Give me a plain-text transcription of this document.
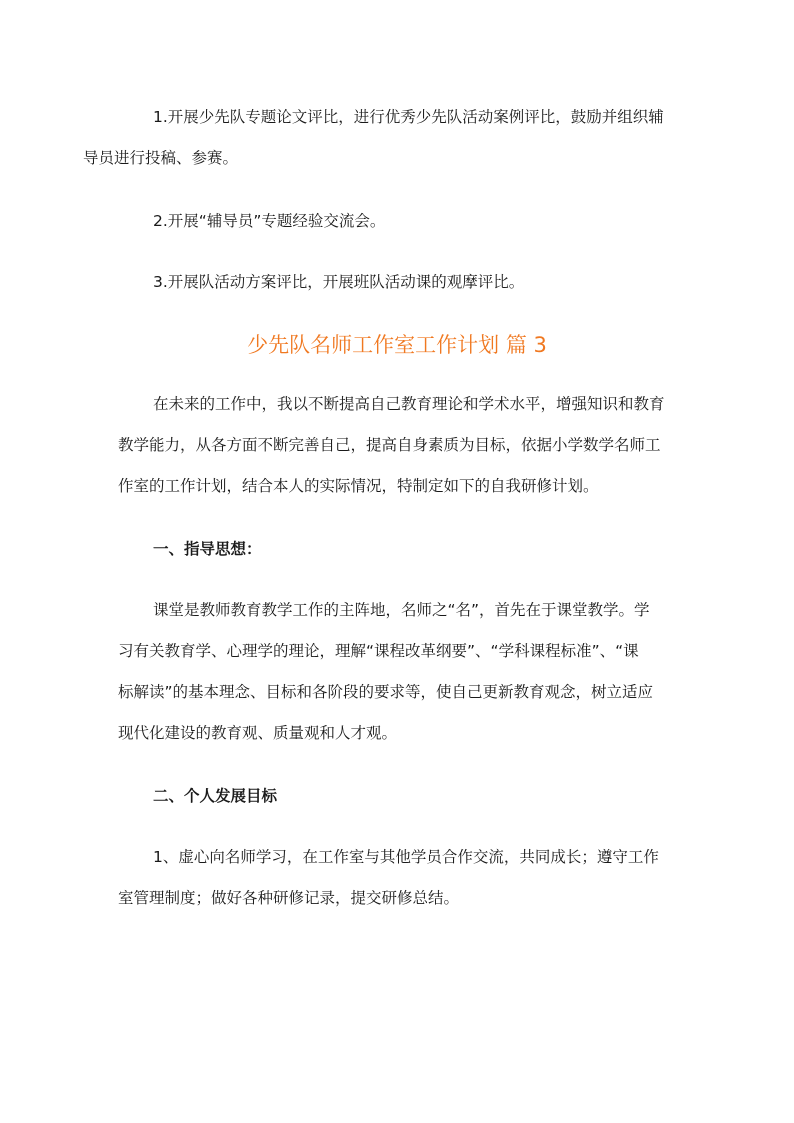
1.开展少先队专题论文评比，进行优秀少先队活动案例评比，鼓励并组织辅
导员进行投稿、参赛。

2.开展“辅导员”专题经验交流会。

3.开展队活动方案评比，开展班队活动课的观摩评比。

少先队名师工作室工作计划 篇 3

在未来的工作中，我以不断提高自己教育理论和学术水平，增强知识和教育
教学能力，从各方面不断完善自己，提高自身素质为目标，依据小学数学名师工
作室的工作计划，结合本人的实际情况，特制定如下的自我研修计划。

一、指导思想：

课堂是教师教育教学工作的主阵地，名师之“名”，首先在于课堂教学。学
习有关教育学、心理学的理论，理解“课程改革纲要”、“学科课程标准”、“课
标解读”的基本理念、目标和各阶段的要求等，使自己更新教育观念，树立适应
现代化建设的教育观、质量观和人才观。

二、个人发展目标

1、虚心向名师学习，在工作室与其他学员合作交流，共同成长；遵守工作
室管理制度；做好各种研修记录，提交研修总结。
